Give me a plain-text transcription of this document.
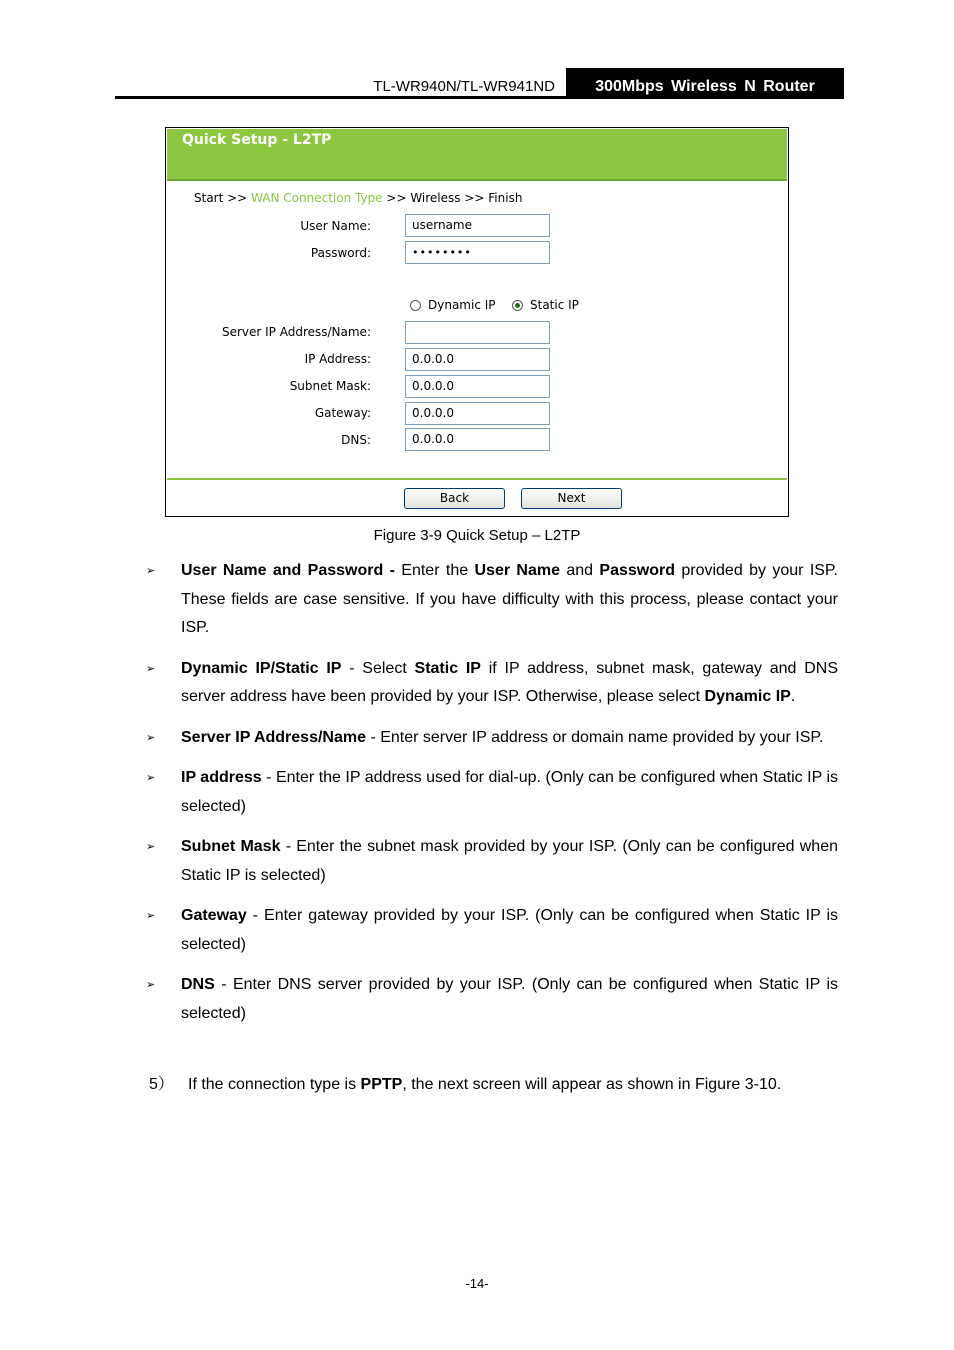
TL-WR940N/TL-WR941ND	300Mbps Wireless N Router
Quick Setup - L2TP
Start >> WAN Connection Type >> Wireless >> Finish
User Name:	username
Password:	••••••••
Dynamic IP	Static IP
Server IP Address/Name:
IP Address:	0.0.0.0
Subnet Mask:	0.0.0.0
Gateway:	0.0.0.0
DNS:	0.0.0.0
Back	Next
Figure 3-9 Quick Setup – L2TP
➢ User Name and Password - Enter the User Name and Password provided by your ISP. These fields are case sensitive. If you have difficulty with this process, please contact your ISP.
➢ Dynamic IP/Static IP - Select Static IP if IP address, subnet mask, gateway and DNS server address have been provided by your ISP. Otherwise, please select Dynamic IP.
➢ Server IP Address/Name - Enter server IP address or domain name provided by your ISP.
➢ IP address - Enter the IP address used for dial-up. (Only can be configured when Static IP is selected)
➢ Subnet Mask - Enter the subnet mask provided by your ISP. (Only can be configured when Static IP is selected)
➢ Gateway - Enter gateway provided by your ISP. (Only can be configured when Static IP is selected)
➢ DNS - Enter DNS server provided by your ISP. (Only can be configured when Static IP is selected)
5） If the connection type is PPTP, the next screen will appear as shown in Figure 3-10.
-14-
